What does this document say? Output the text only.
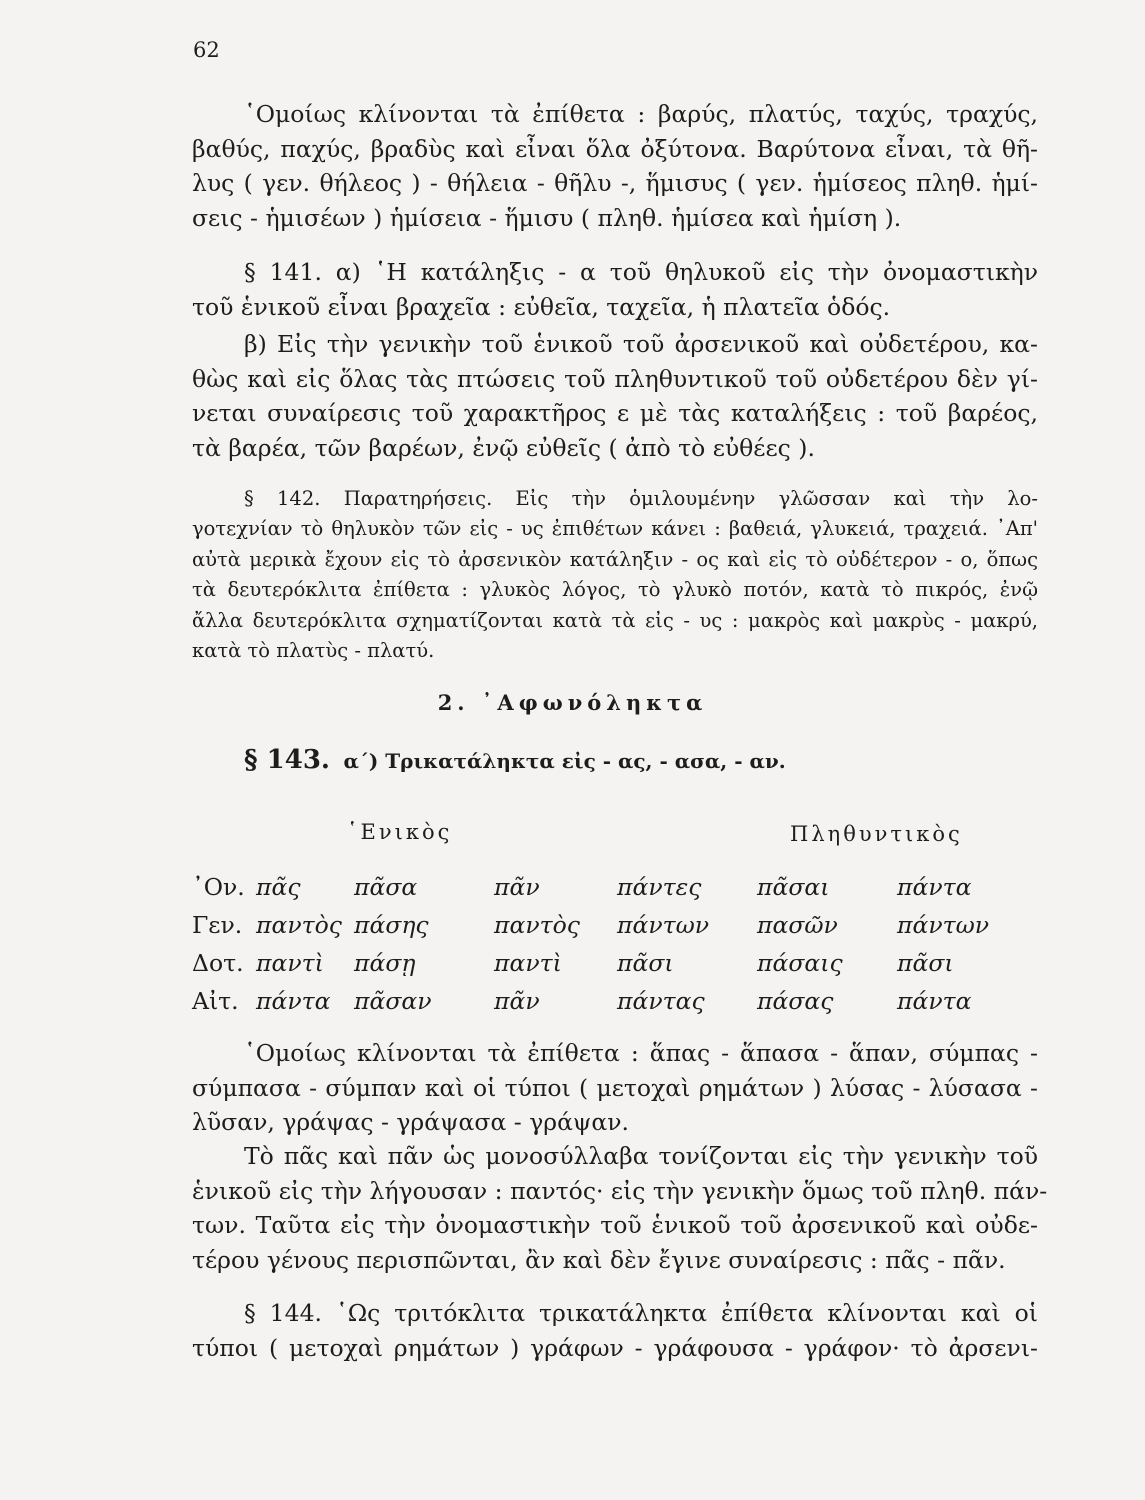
62
῾Ομοίως κλίνονται τὰ ἐπίθετα : βαρύς, πλατύς, ταχύς, τραχύς,
βαθύς, παχύς, βραδὺς καὶ εἶναι ὅλα ὀξύτονα. Βαρύτονα εἶναι, τὰ θῆ-
λυς ( γεν. θήλεος ) - θήλεια - θῆλυ -, ἥμισυς ( γεν. ἡμίσεος πληθ. ἡμί-
σεις - ἡμισέων ) ἡμίσεια - ἥμισυ ( πληθ. ἡμίσεα καὶ ἡμίση ).
§ 141. α) ῾Η κατάληξις - α τοῦ θηλυκοῦ εἰς τὴν ὀνομαστικὴν
τοῦ ἑνικοῦ εἶναι βραχεῖα : εὐθεῖα, ταχεῖα, ἡ πλατεῖα ὁδός.
β) Εἰς τὴν γενικὴν τοῦ ἑνικοῦ τοῦ ἀρσενικοῦ καὶ οὐδετέρου, κα-
θὼς καὶ εἰς ὅλας τὰς πτώσεις τοῦ πληθυντικοῦ τοῦ οὐδετέρου δὲν γί-
νεται συναίρεσις τοῦ χαρακτῆρος ε μὲ τὰς καταλήξεις : τοῦ βαρέος,
τὰ βαρέα, τῶν βαρέων, ἐνῷ εὐθεῖς ( ἀπὸ τὸ εὐθέες ).
§ 142. Παρατηρήσεις. Εἰς τὴν ὁμιλουμένην γλῶσσαν καὶ τὴν λο-
γοτεχνίαν τὸ θηλυκὸν τῶν εἰς - υς ἐπιθέτων κάνει : βαθειά, γλυκειά, τραχειά. ᾿Απ'
αὐτὰ μερικὰ ἔχουν εἰς τὸ ἀρσενικὸν κατάληξιν - ος καὶ εἰς τὸ οὐδέτερον - ο, ὅπως
τὰ δευτερόκλιτα ἐπίθετα : γλυκὸς λόγος, τὸ γλυκὸ ποτόν, κατὰ τὸ πικρός, ἐνῷ
ἄλλα δευτερόκλιτα σχηματίζονται κατὰ τὰ εἰς - υς : μακρὸς καὶ μακρὺς - μακρύ,
κατὰ τὸ πλατὺς - πλατύ.
2. ᾿Αφωνόληκτα
§ 143. α΄) Τρικατάληκτα εἰς - ας, - ασα, - αν.
῾Ενικὸς	Πληθυντικὸς
᾿Ον.	πᾶς	πᾶσα	πᾶν	πάντες	πᾶσαι	πάντα
Γεν.	παντὸς	πάσης	παντὸς	πάντων	πασῶν	πάντων
Δοτ.	παντὶ	πάσῃ	παντὶ	πᾶσι	πάσαις	πᾶσι
Αἰτ.	πάντα	πᾶσαν	πᾶν	πάντας	πάσας	πάντα
῾Ομοίως κλίνονται τὰ ἐπίθετα : ἅπας - ἅπασα - ἅπαν, σύμπας -
σύμπασα - σύμπαν καὶ οἱ τύποι ( μετοχαὶ ρημάτων ) λύσας - λύσασα -
λῦσαν, γράψας - γράψασα - γράψαν.
Τὸ πᾶς καὶ πᾶν ὡς μονοσύλλαβα τονίζονται εἰς τὴν γενικὴν τοῦ
ἑνικοῦ εἰς τὴν λήγουσαν : παντός· εἰς τὴν γενικὴν ὅμως τοῦ πληθ. πάν-
των. Ταῦτα εἰς τὴν ὀνομαστικὴν τοῦ ἑνικοῦ τοῦ ἀρσενικοῦ καὶ οὐδε-
τέρου γένους περισπῶνται, ἂν καὶ δὲν ἔγινε συναίρεσις : πᾶς - πᾶν.
§ 144. ῾Ως τριτόκλιτα τρικατάληκτα ἐπίθετα κλίνονται καὶ οἱ
τύποι ( μετοχαὶ ρημάτων ) γράφων - γράφουσα - γράφον· τὸ ἀρσενι-
